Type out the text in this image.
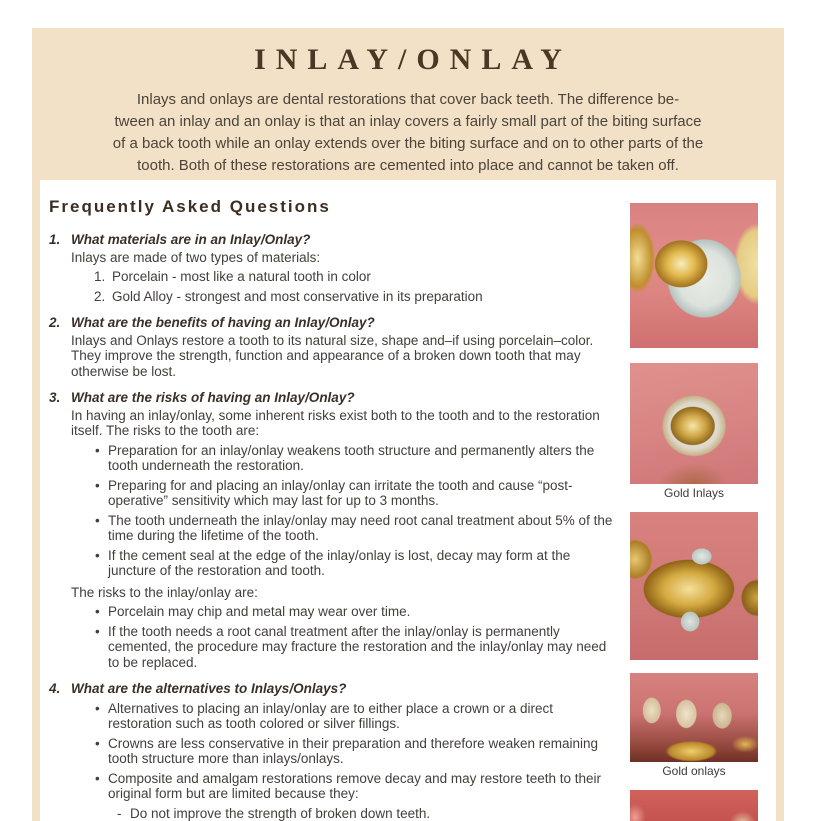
INLAY/ONLAY
Inlays and onlays are dental restorations that cover back teeth. The difference be-
tween an inlay and an onlay is that an inlay covers a fairly small part of the biting surface
of a back tooth while an onlay extends over the biting surface and on to other parts of the
tooth. Both of these restorations are cemented into place and cannot be taken off.
Frequently Asked Questions
1. What materials are in an Inlay/Onlay?
Inlays are made of two types of materials:
1. Porcelain - most like a natural tooth in color
2. Gold Alloy - strongest and most conservative in its preparation
2. What are the benefits of having an Inlay/Onlay?
Inlays and Onlays restore a tooth to its natural size, shape and–if using porcelain–color. They improve the strength, function and appearance of a broken down tooth that may otherwise be lost.
3. What are the risks of having an Inlay/Onlay?
In having an inlay/onlay, some inherent risks exist both to the tooth and to the restoration itself. The risks to the tooth are:
• Preparation for an inlay/onlay weakens tooth structure and permanently alters the tooth underneath the restoration.
• Preparing for and placing an inlay/onlay can irritate the tooth and cause “post-operative” sensitivity which may last for up to 3 months.
• The tooth underneath the inlay/onlay may need root canal treatment about 5% of the time during the lifetime of the tooth.
• If the cement seal at the edge of the inlay/onlay is lost, decay may form at the juncture of the restoration and tooth.
The risks to the inlay/onlay are:
• Porcelain may chip and metal may wear over time.
• If the tooth needs a root canal treatment after the inlay/onlay is permanently cemented, the procedure may fracture the restoration and the inlay/onlay may need to be replaced.
4. What are the alternatives to Inlays/Onlays?
• Alternatives to placing an inlay/onlay are to either place a crown or a direct restoration such as tooth colored or silver fillings.
• Crowns are less conservative in their preparation and therefore weaken remaining tooth structure more than inlays/onlays.
• Composite and amalgam restorations remove decay and may restore teeth to their original form but are limited because they:
- Do not improve the strength of broken down teeth.
Gold Inlays
Gold onlays
